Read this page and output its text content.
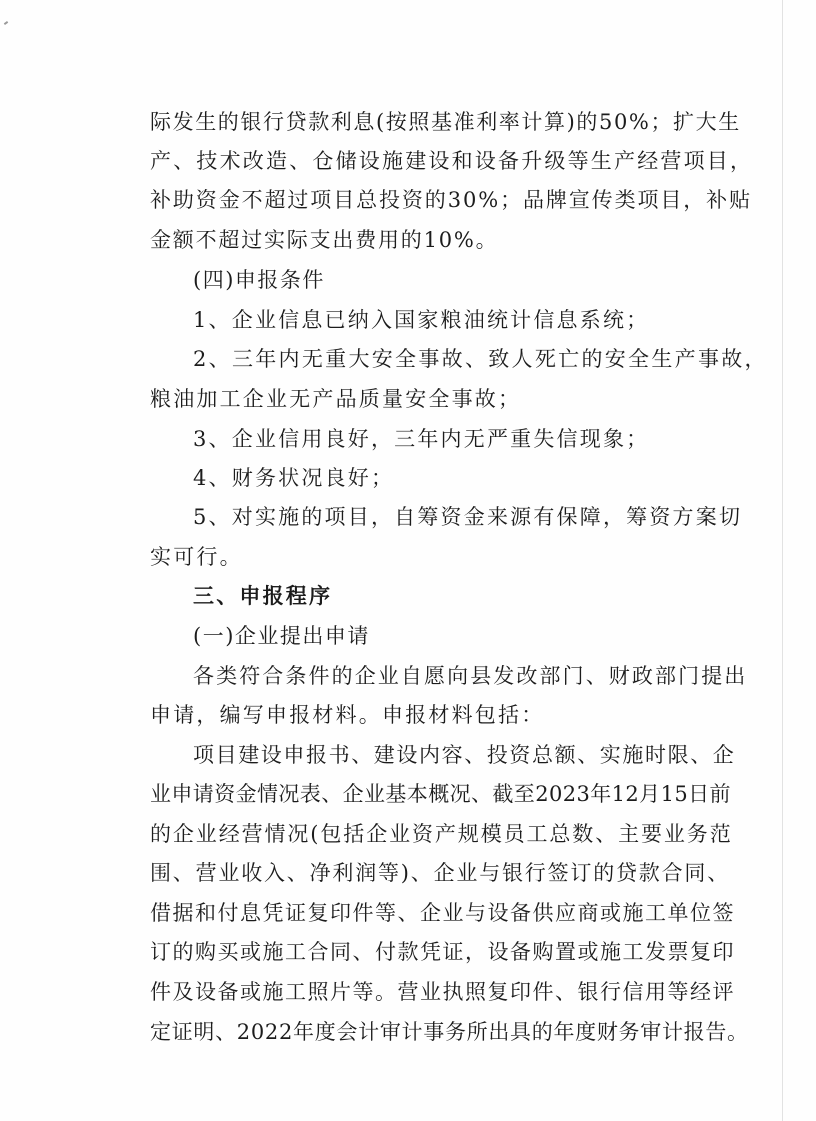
际发生的银行贷款利息(按照基准利率计算)的50%；扩大生

产、技术改造、仓储设施建设和设备升级等生产经营项目，

补助资金不超过项目总投资的30%；品牌宣传类项目，补贴

金额不超过实际支出费用的10%。

(四)申报条件

1、企业信息已纳入国家粮油统计信息系统；

2、三年内无重大安全事故、致人死亡的安全生产事故，

粮油加工企业无产品质量安全事故；

3、企业信用良好，三年内无严重失信现象；

4、财务状况良好；

5、对实施的项目，自筹资金来源有保障，筹资方案切

实可行。

三、申报程序

(一)企业提出申请

各类符合条件的企业自愿向县发改部门、财政部门提出

申请，编写申报材料。申报材料包括：

项目建设申报书、建设内容、投资总额、实施时限、企

业申请资金情况表、企业基本概况、截至2023年12月15日前

的企业经营情况(包括企业资产规模员工总数、主要业务范

围、营业收入、净利润等)、企业与银行签订的贷款合同、

借据和付息凭证复印件等、企业与设备供应商或施工单位签

订的购买或施工合同、付款凭证，设备购置或施工发票复印

件及设备或施工照片等。营业执照复印件、银行信用等经评

定证明、2022年度会计审计事务所出具的年度财务审计报告。
